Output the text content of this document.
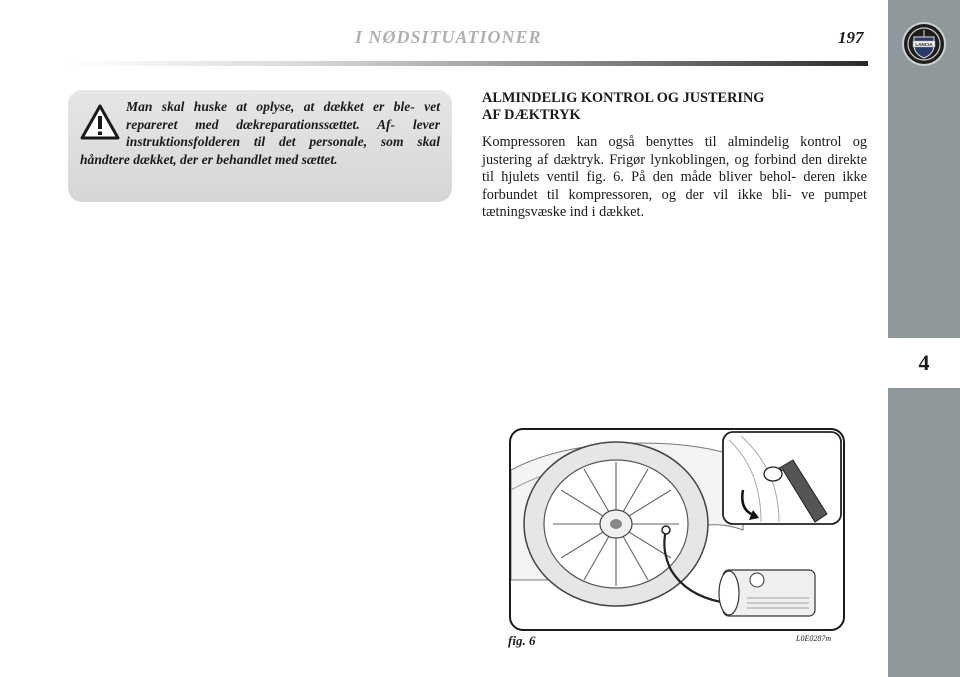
I NØDSITUATIONER	197	LANCIA
4

Man skal huske at oplyse, at dækket er ble- vet repareret med dækreparationssættet. Af- lever instruktionsfolderen til det personale, som skal håndtere dækket, der er behandlet med sættet.

ALMINDELIG KONTROL OG JUSTERING
AF DÆKTRYK

Kompressoren kan også benyttes til almindelig kontrol og justering af dæktryk. Frigør lynkoblingen, og forbind den direkte til hjulets ventil fig. 6. På den måde bliver behol- deren ikke forbundet til kompressoren, og der vil ikke bli- ve pumpet tætningsvæske ind i dækket.

fig. 6	L0E0287m
